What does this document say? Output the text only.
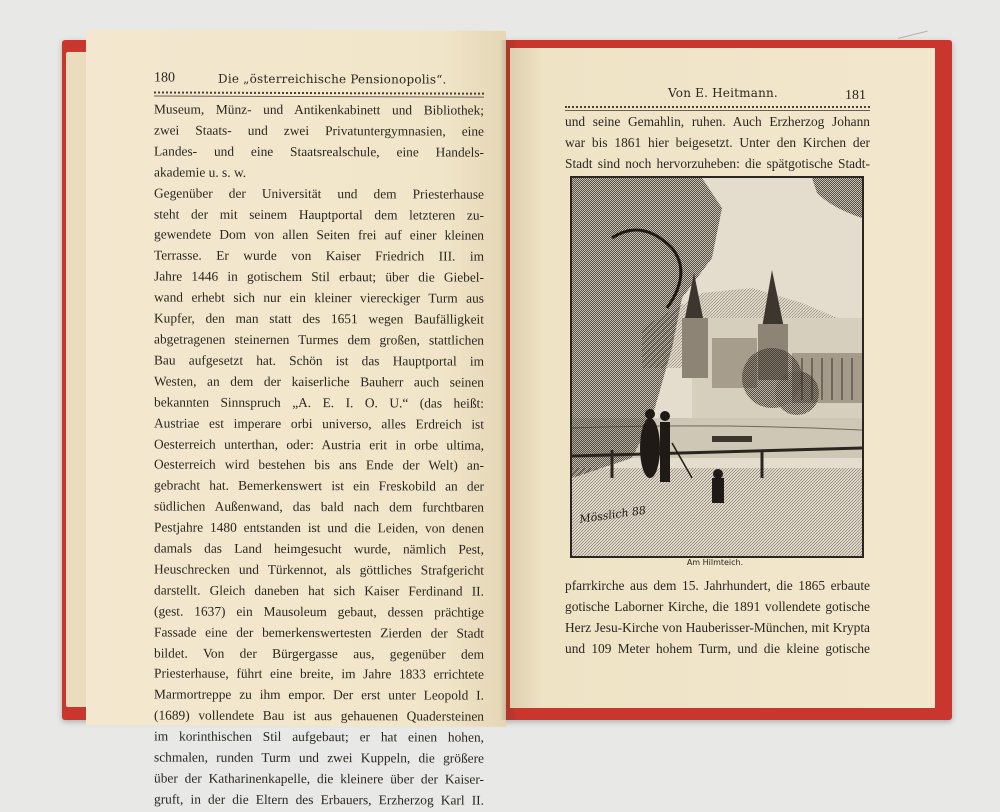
180	Die „österreichische Pensionopolis“.
Museum, Münz- und Antikenkabinett und Bibliothek;
zwei Staats- und zwei Privatuntergymnasien, eine
Landes- und eine Staatsrealschule, eine Handels-
akademie u. s. w.
Gegenüber der Universität und dem Priesterhause
steht der mit seinem Hauptportal dem letzteren zu-
gewendete Dom von allen Seiten frei auf einer kleinen
Terrasse. Er wurde von Kaiser Friedrich III. im
Jahre 1446 in gotischem Stil erbaut; über die Giebel-
wand erhebt sich nur ein kleiner viereckiger Turm aus
Kupfer, den man statt des 1651 wegen Baufälligkeit
abgetragenen steinernen Turmes dem großen, stattlichen
Bau aufgesetzt hat. Schön ist das Hauptportal im
Westen, an dem der kaiserliche Bauherr auch seinen
bekannten Sinnspruch „A. E. I. O. U.“ (das heißt:
Austriae est imperare orbi universo, alles Erdreich ist
Oesterreich unterthan, oder: Austria erit in orbe ultima,
Oesterreich wird bestehen bis ans Ende der Welt) an-
gebracht hat. Bemerkenswert ist ein Freskobild an der
südlichen Außenwand, das bald nach dem furchtbaren
Pestjahre 1480 entstanden ist und die Leiden, von denen
damals das Land heimgesucht wurde, nämlich Pest,
Heuschrecken und Türkennot, als göttliches Strafgericht
darstellt. Gleich daneben hat sich Kaiser Ferdinand II.
(gest. 1637) ein Mausoleum gebaut, dessen prächtige
Fassade eine der bemerkenswertesten Zierden der Stadt
bildet. Von der Bürgergasse aus, gegenüber dem
Priesterhause, führt eine breite, im Jahre 1833 errichtete
Marmortreppe zu ihm empor. Der erst unter Leopold I.
(1689) vollendete Bau ist aus gehauenen Quadersteinen
im korinthischen Stil aufgebaut; er hat einen hohen,
schmalen, runden Turm und zwei Kuppeln, die größere
über der Katharinenkapelle, die kleinere über der Kaiser-
gruft, in der die Eltern des Erbauers, Erzherzog Karl II.
Von E. Heitmann.	181
und seine Gemahlin, ruhen. Auch Erzherzog Johann
war bis 1861 hier beigesetzt. Unter den Kirchen der
Stadt sind noch hervorzuheben: die spätgotische Stadt-
pfarrkirche aus dem 15. Jahrhundert, die 1865 erbaute
gotische Laborner Kirche, die 1891 vollendete gotische
Herz Jesu-Kirche von Hauberisser-München, mit Krypta
und 109 Meter hohem Turm, und die kleine gotische
Mösslich 88
Am Hilmteich.
